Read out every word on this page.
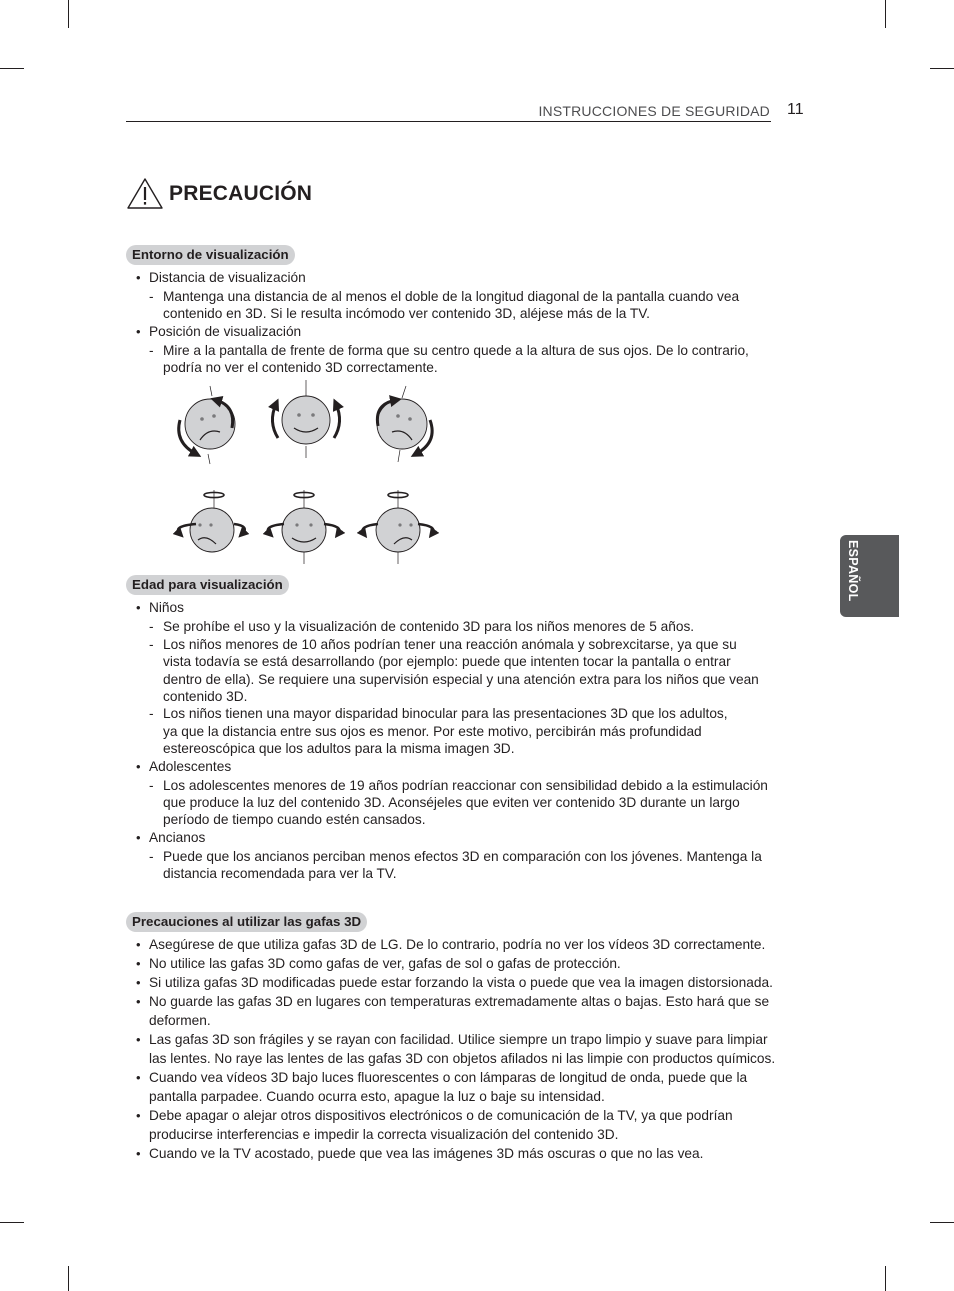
INSTRUCCIONES DE SEGURIDAD 11
ESPAÑOL
PRECAUCIÓN
Entorno de visualización
• Distancia de visualización
- Mantenga una distancia de al menos el doble de la longitud diagonal de la pantalla cuando vea
contenido en 3D. Si le resulta incómodo ver contenido 3D, aléjese más de la TV.
• Posición de visualización
- Mire a la pantalla de frente de forma que su centro quede a la altura de sus ojos. De lo contrario,
podría no ver el contenido 3D correctamente.
Edad para visualización
• Niños
- Se prohíbe el uso y la visualización de contenido 3D para los niños menores de 5 años.
- Los niños menores de 10 años podrían tener una reacción anómala y sobrexcitarse, ya que su
vista todavía se está desarrollando (por ejemplo: puede que intenten tocar la pantalla o entrar
dentro de ella). Se requiere una supervisión especial y una atención extra para los niños que vean
contenido 3D.
- Los niños tienen una mayor disparidad binocular para las presentaciones 3D que los adultos,
ya que la distancia entre sus ojos es menor. Por este motivo, percibirán más profundidad
estereoscópica que los adultos para la misma imagen 3D.
• Adolescentes
- Los adolescentes menores de 19 años podrían reaccionar con sensibilidad debido a la estimulación
que produce la luz del contenido 3D. Aconséjeles que eviten ver contenido 3D durante un largo
período de tiempo cuando estén cansados.
• Ancianos
- Puede que los ancianos perciban menos efectos 3D en comparación con los jóvenes. Mantenga la
distancia recomendada para ver la TV.
Precauciones al utilizar las gafas 3D
• Asegúrese de que utiliza gafas 3D de LG. De lo contrario, podría no ver los vídeos 3D correctamente.
• No utilice las gafas 3D como gafas de ver, gafas de sol o gafas de protección.
• Si utiliza gafas 3D modificadas puede estar forzando la vista o puede que vea la imagen distorsionada.
• No guarde las gafas 3D en lugares con temperaturas extremadamente altas o bajas. Esto hará que se
deformen.
• Las gafas 3D son frágiles y se rayan con facilidad. Utilice siempre un trapo limpio y suave para limpiar
las lentes. No raye las lentes de las gafas 3D con objetos afilados ni las limpie con productos químicos.
• Cuando vea vídeos 3D bajo luces fluorescentes o con lámparas de longitud de onda, puede que la
pantalla parpadee. Cuando ocurra esto, apague la luz o baje su intensidad.
• Debe apagar o alejar otros dispositivos electrónicos o de comunicación de la TV, ya que podrían
producirse interferencias e impedir la correcta visualización del contenido 3D.
• Cuando ve la TV acostado, puede que vea las imágenes 3D más oscuras o que no las vea.
